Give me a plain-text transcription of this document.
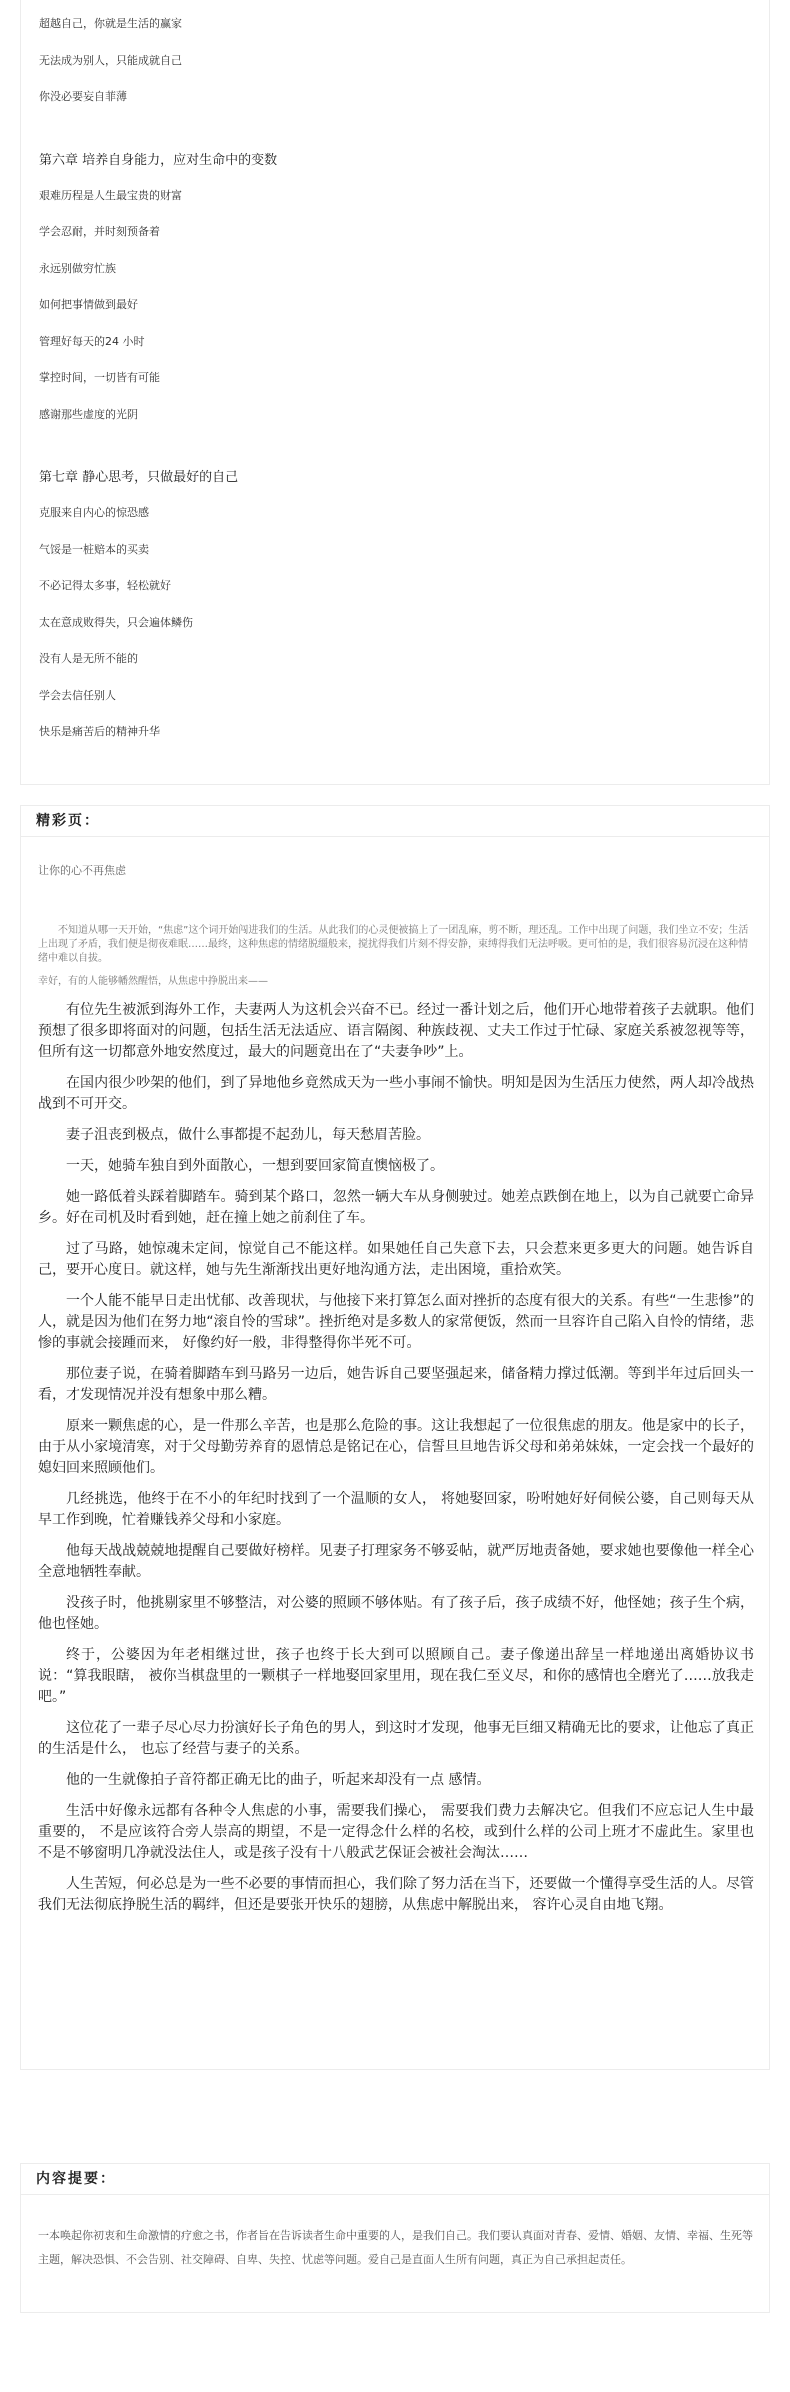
超越自己，你就是生活的赢家
无法成为别人，只能成就自己
你没必要妄自菲薄
第六章 培养自身能力，应对生命中的变数
艰难历程是人生最宝贵的财富
学会忍耐，并时刻预备着
永远别做穷忙族
如何把事情做到最好
管理好每天的24 小时
掌控时间，一切皆有可能
感谢那些虚度的光阴
第七章 静心思考，只做最好的自己
克服来自内心的惊恐感
气馁是一桩赔本的买卖
不必记得太多事，轻松就好
太在意成败得失，只会遍体鳞伤
没有人是无所不能的
学会去信任别人
快乐是痛苦后的精神升华
精彩页：
让你的心不再焦虑

不知道从哪一天开始，“焦虑”这个词开始闯进我们的生活。从此我们的心灵便被搞上了一团乱麻，剪不断，理还乱。工作中出现了问题，我们坐立不安；生活上出现了矛盾，我们便是彻夜难眠……最终，这种焦虑的情绪脱缰般来，搅扰得我们片刻不得安静，束缚得我们无法呼吸。更可怕的是，我们很容易沉浸在这种情绪中难以自拔。

幸好，有的人能够幡然醒悟，从焦虑中挣脱出来——

有位先生被派到海外工作，夫妻两人为这机会兴奋不已。经过一番计划之后，他们开心地带着孩子去就职。他们预想了很多即将面对的问题，包括生活无法适应、语言隔阂、种族歧视、丈夫工作过于忙碌、家庭关系被忽视等等，但所有这一切都意外地安然度过，最大的问题竟出在了“夫妻争吵”上。

在国内很少吵架的他们，到了异地他乡竟然成天为一些小事闹不愉快。明知是因为生活压力使然，两人却冷战热战到不可开交。

妻子沮丧到极点，做什么事都提不起劲儿，每天愁眉苦脸。

一天，她骑车独自到外面散心，一想到要回家简直懊恼极了。

她一路低着头踩着脚踏车。骑到某个路口，忽然一辆大车从身侧驶过。她差点跌倒在地上，以为自己就要亡命异乡。好在司机及时看到她，赶在撞上她之前刹住了车。

过了马路，她惊魂未定间，惊觉自己不能这样。如果她任自己失意下去，只会惹来更多更大的问题。她告诉自己，要开心度日。就这样，她与先生渐渐找出更好地沟通方法，走出困境，重拾欢笑。

一个人能不能早日走出忧郁、改善现状，与他接下来打算怎么面对挫折的态度有很大的关系。有些“一生悲惨”的人，就是因为他们在努力地“滚自怜的雪球”。挫折绝对是多数人的家常便饭，然而一旦容许自己陷入自怜的情绪，悲惨的事就会接踵而来， 好像约好一般，非得整得你半死不可。

那位妻子说，在骑着脚踏车到马路另一边后，她告诉自己要坚强起来，储备精力撑过低潮。等到半年过后回头一看，才发现情况并没有想象中那么糟。

原来一颗焦虑的心，是一件那么辛苦，也是那么危险的事。这让我想起了一位很焦虑的朋友。他是家中的长子，由于从小家境清寒，对于父母勤劳养育的恩情总是铭记在心，信誓旦旦地告诉父母和弟弟妹妹，一定会找一个最好的媳妇回来照顾他们。

几经挑选，他终于在不小的年纪时找到了一个温顺的女人， 将她娶回家，吩咐她好好伺候公婆，自己则每天从早工作到晚，忙着赚钱养父母和小家庭。

他每天战战兢兢地提醒自己要做好榜样。见妻子打理家务不够妥帖，就严厉地责备她，要求她也要像他一样全心全意地牺牲奉献。

没孩子时，他挑剔家里不够整洁，对公婆的照顾不够体贴。有了孩子后，孩子成绩不好，他怪她；孩子生个病，他也怪她。

终于，公婆因为年老相继过世，孩子也终于长大到可以照顾自己。妻子像递出辞呈一样地递出离婚协议书说：“算我眼瞎， 被你当棋盘里的一颗棋子一样地娶回家里用，现在我仁至义尽，和你的感情也全磨光了……放我走吧。”

这位花了一辈子尽心尽力扮演好长子角色的男人，到这时才发现，他事无巨细又精确无比的要求，让他忘了真正的生活是什么， 也忘了经营与妻子的关系。

他的一生就像拍子音符都正确无比的曲子，听起来却没有一点 感情。

生活中好像永远都有各种令人焦虑的小事，需要我们操心， 需要我们费力去解决它。但我们不应忘记人生中最重要的， 不是应该符合旁人崇高的期望，不是一定得念什么样的名校，或到什么样的公司上班才不虚此生。家里也不是不够窗明几净就没法住人，或是孩子没有十八般武艺保证会被社会淘汰……

人生苦短，何必总是为一些不必要的事情而担心，我们除了努力活在当下，还要做一个懂得享受生活的人。尽管我们无法彻底挣脱生活的羁绊，但还是要张开快乐的翅膀，从焦虑中解脱出来， 容许心灵自由地飞翔。

内容提要：

一本唤起你初衷和生命激情的疗愈之书，作者旨在告诉读者生命中重要的人，是我们自己。我们要认真面对青春、爱情、婚姻、友情、幸福、生死等主题，解决恐惧、不会告别、社交障碍、自卑、失控、忧虑等问题。爱自己是直面人生所有问题，真正为自己承担起责任。
